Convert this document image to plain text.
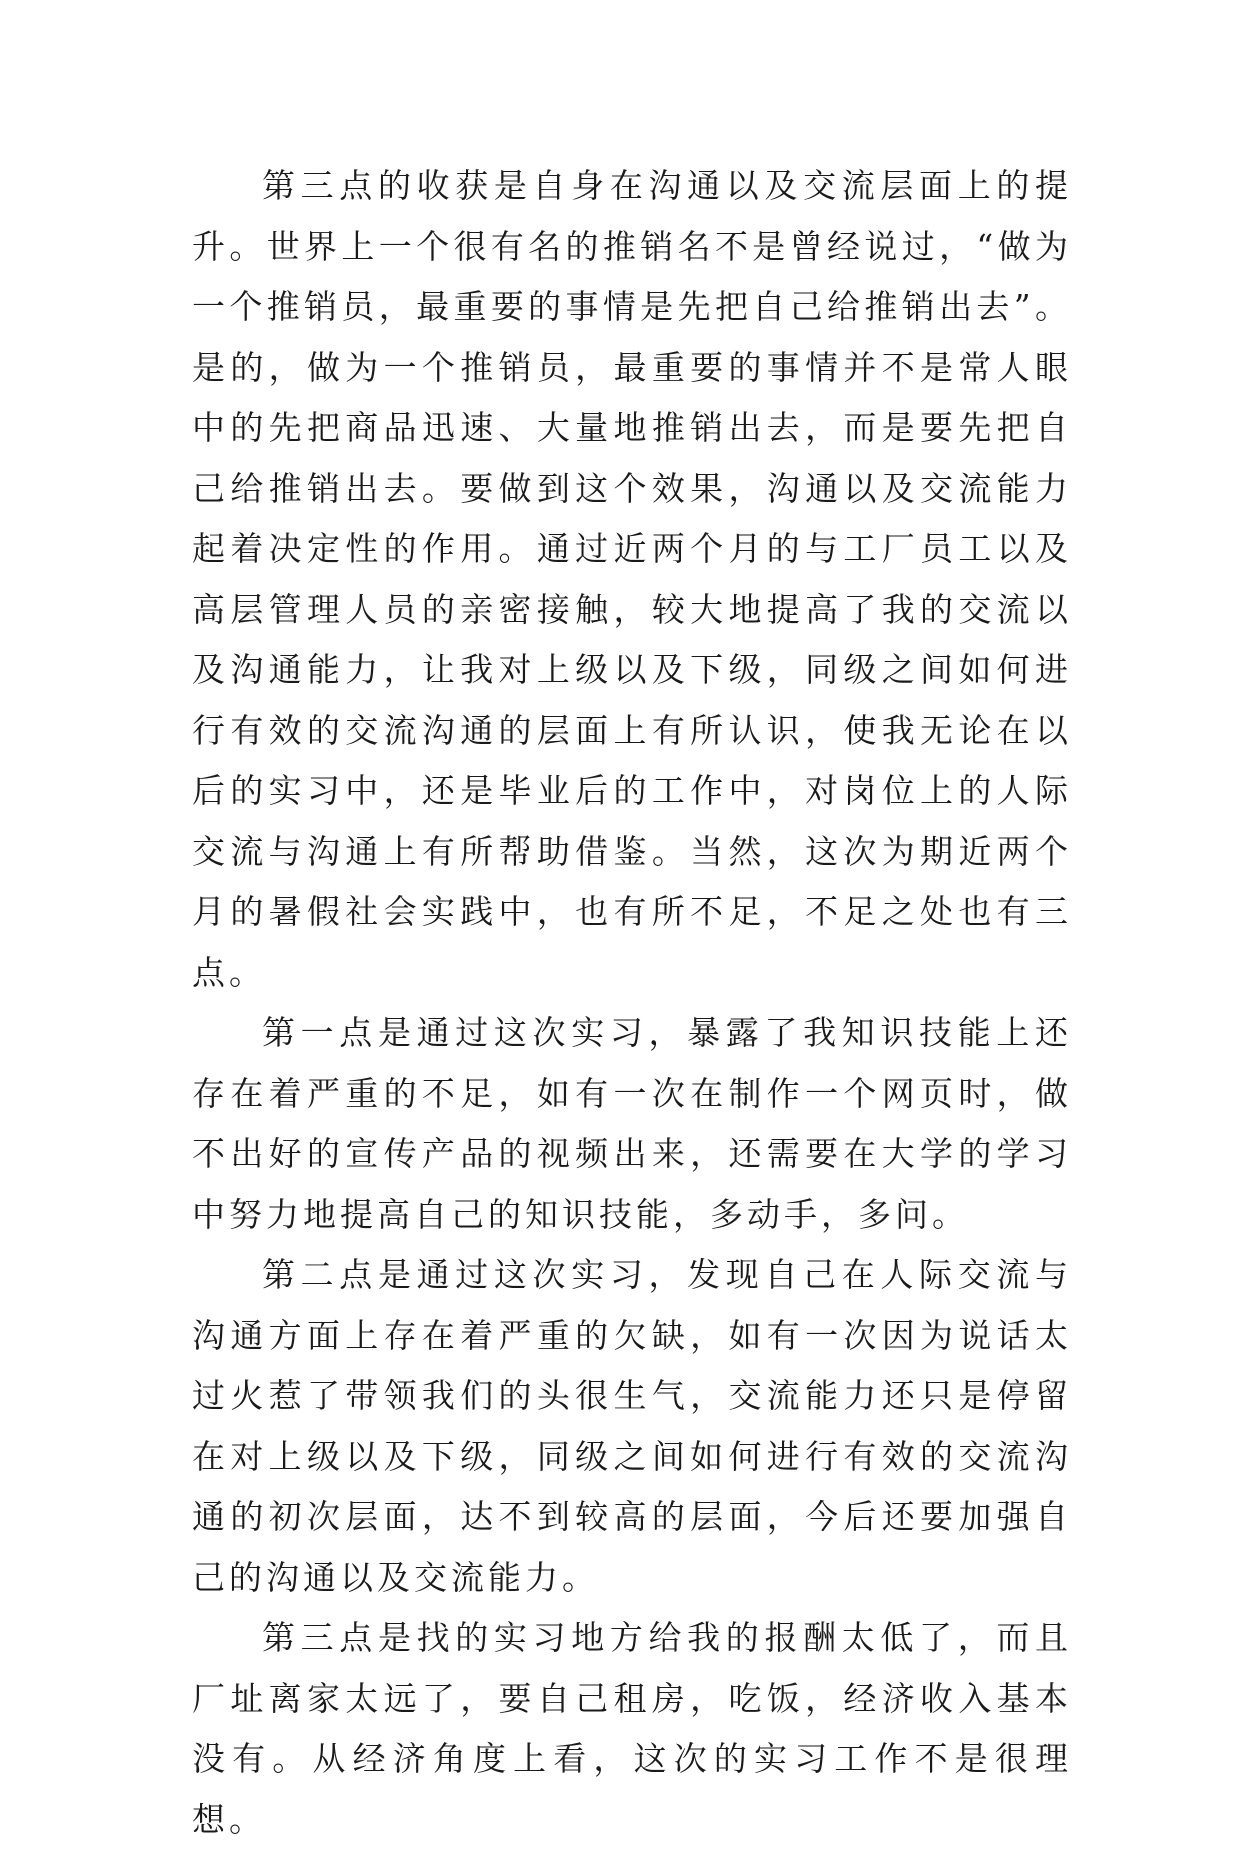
第三点的收获是自身在沟通以及交流层面上的提升。世界上一个很有名的推销名不是曾经说过，“做为一个推销员，最重要的事情是先把自己给推销出去”。是的，做为一个推销员，最重要的事情并不是常人眼中的先把商品迅速、大量地推销出去，而是要先把自己给推销出去。要做到这个效果，沟通以及交流能力起着决定性的作用。通过近两个月的与工厂员工以及高层管理人员的亲密接触，较大地提高了我的交流以及沟通能力，让我对上级以及下级，同级之间如何进行有效的交流沟通的层面上有所认识，使我无论在以后的实习中，还是毕业后的工作中，对岗位上的人际交流与沟通上有所帮助借鉴。当然，这次为期近两个月的暑假社会实践中，也有所不足，不足之处也有三点。

第一点是通过这次实习，暴露了我知识技能上还存在着严重的不足，如有一次在制作一个网页时，做不出好的宣传产品的视频出来，还需要在大学的学习中努力地提高自己的知识技能，多动手，多问。

第二点是通过这次实习，发现自己在人际交流与沟通方面上存在着严重的欠缺，如有一次因为说话太过火惹了带领我们的头很生气，交流能力还只是停留在对上级以及下级，同级之间如何进行有效的交流沟通的初次层面，达不到较高的层面，今后还要加强自己的沟通以及交流能力。

第三点是找的实习地方给我的报酬太低了，而且厂址离家太远了，要自己租房，吃饭，经济收入基本没有。从经济角度上看，这次的实习工作不是很理想。
